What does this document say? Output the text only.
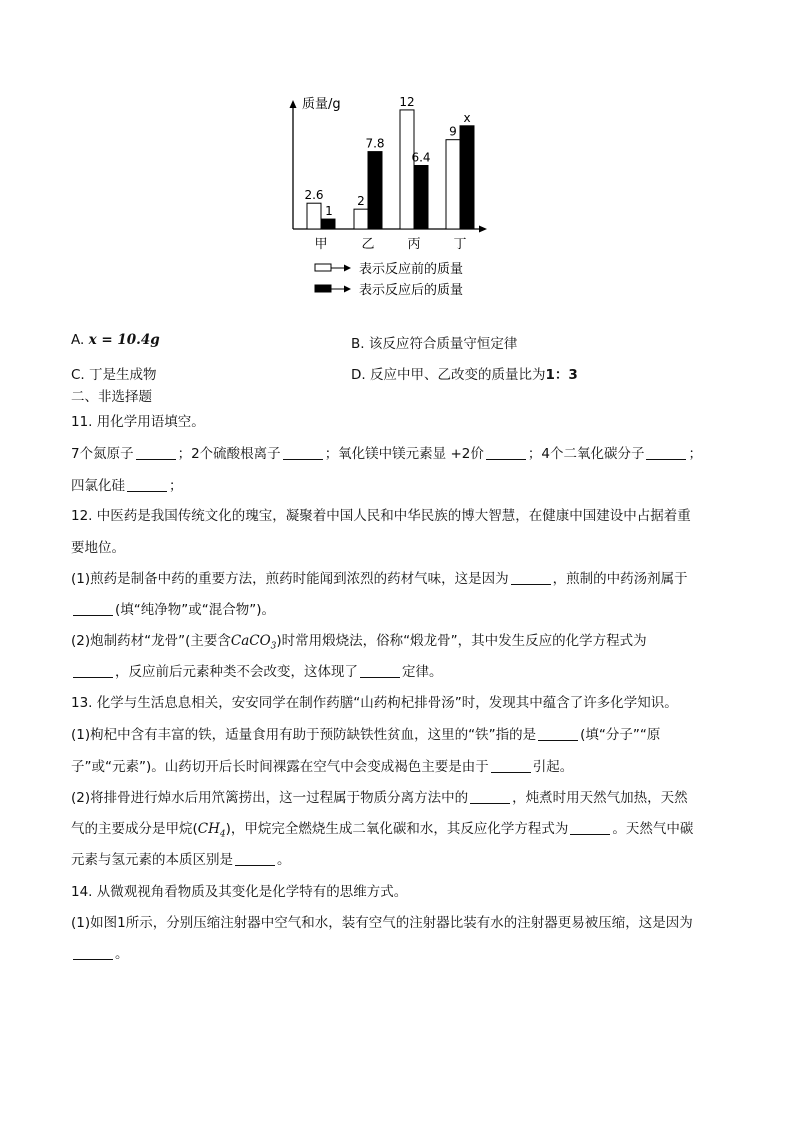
质量/g
2.6
1
甲
2
7.8
乙
12
6.4
丙
9
x
丁
表示反应前的质量
表示反应后的质量
A. x = 10.4g	B. 该反应符合质量守恒定律
C. 丁是生成物	D. 反应中甲、乙改变的质量比为1：3
二、非选择题
11. 用化学用语填空。
7个氮原子	；2个硫酸根离子	；氧化镁中镁元素显 +2价	；4个二氧化碳分子	；
四氯化硅	；
12. 中医药是我国传统文化的瑰宝，凝聚着中国人民和中华民族的博大智慧，在健康中国建设中占据着重
要地位。
(1)煎药是制备中药的重要方法，煎药时能闻到浓烈的药材气味，这是因为	，煎制的中药汤剂属于
(填“纯净物”或“混合物”)。
(2)炮制药材“龙骨”(主要含CaCO$_3$)时常用煅烧法，俗称“煅龙骨”，其中发生反应的化学方程式为
，反应前后元素种类不会改变，这体现了	定律。
13. 化学与生活息息相关，安安同学在制作药膳“山药枸杞排骨汤”时，发现其中蕴含了许多化学知识。
(1)枸杞中含有丰富的铁，适量食用有助于预防缺铁性贫血，这里的“铁”指的是	(填“分子”“原
子”或“元素”)。山药切开后长时间裸露在空气中会变成褐色主要是由于	引起。
(2)将排骨进行焯水后用笊篱捞出，这一过程属于物质分离方法中的	，炖煮时用天然气加热，天然
气的主要成分是甲烷$(CH_4)$，甲烷完全燃烧生成二氧化碳和水，其反应化学方程式为	。天然气中碳
元素与氢元素的本质区别是	。
14. 从微观视角看物质及其变化是化学特有的思维方式。
(1)如图1所示，分别压缩注射器中空气和水，装有空气的注射器比装有水的注射器更易被压缩，这是因为
。
